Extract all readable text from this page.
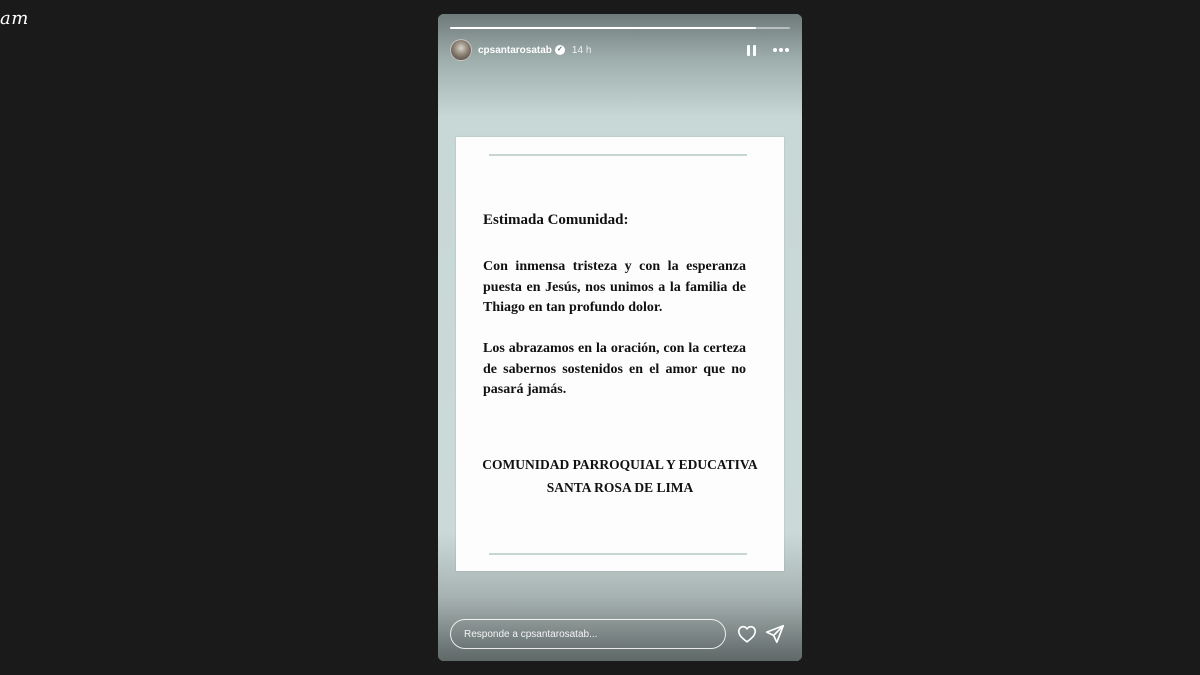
am
cpsantarosatab ✓ 14 h
Estimada Comunidad:
Con inmensa tristeza y con la esperanza puesta en Jesús, nos unimos a la familia de Thiago en tan profundo dolor.
Los abrazamos en la oración, con la certeza de sabernos sostenidos en el amor que no pasará jamás.
COMUNIDAD PARROQUIAL Y EDUCATIVA
SANTA ROSA DE LIMA
Responde a cpsantarosatab...
